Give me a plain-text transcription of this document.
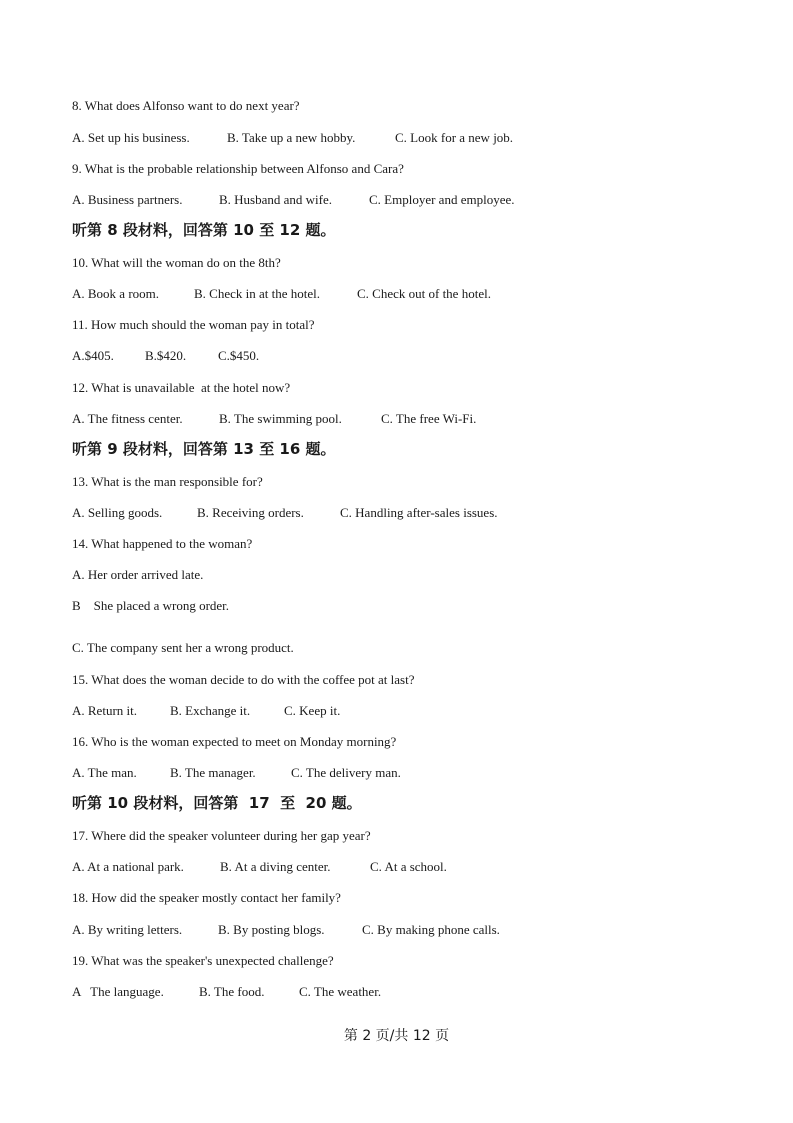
8. What does Alfonso want to do next year?
A. Set up his business.	B. Take up a new hobby.	C. Look for a new job.
9. What is the probable relationship between Alfonso and Cara?
A. Business partners.	B. Husband and wife.	C. Employer and employee.
听第 8 段材料，回答第 10 至 12 题。
10. What will the woman do on the 8th?
A. Book a room.	B. Check in at the hotel.	C. Check out of the hotel.
11. How much should the woman pay in total?
A.$405. B.$420. C.$450.
12. What is unavailable  at the hotel now?
A. The fitness center.	B. The swimming pool.	C. The free Wi-Fi.
听第 9 段材料，回答第 13 至 16 题。
13. What is the man responsible for?
A. Selling goods.	B. Receiving orders.	C. Handling after-sales issues.
14. What happened to the woman?
A. Her order arrived late.
B    She placed a wrong order.
C. The company sent her a wrong product.
15. What does the woman decide to do with the coffee pot at last?
A. Return it.	B. Exchange it.	C. Keep it.
16. Who is the woman expected to meet on Monday morning?
A. The man.	B. The manager.	C. The delivery man.
听第 10 段材料，回答第  17  至  20 题。
17. Where did the speaker volunteer during her gap year?
A. At a national park.	B. At a diving center.	C. At a school.
18. How did the speaker mostly contact her family?
A. By writing letters.	B. By posting blogs.	C. By making phone calls.
19. What was the speaker's unexpected challenge?
A   The language.	B. The food.	C. The weather.
第 2 页/共 12 页
